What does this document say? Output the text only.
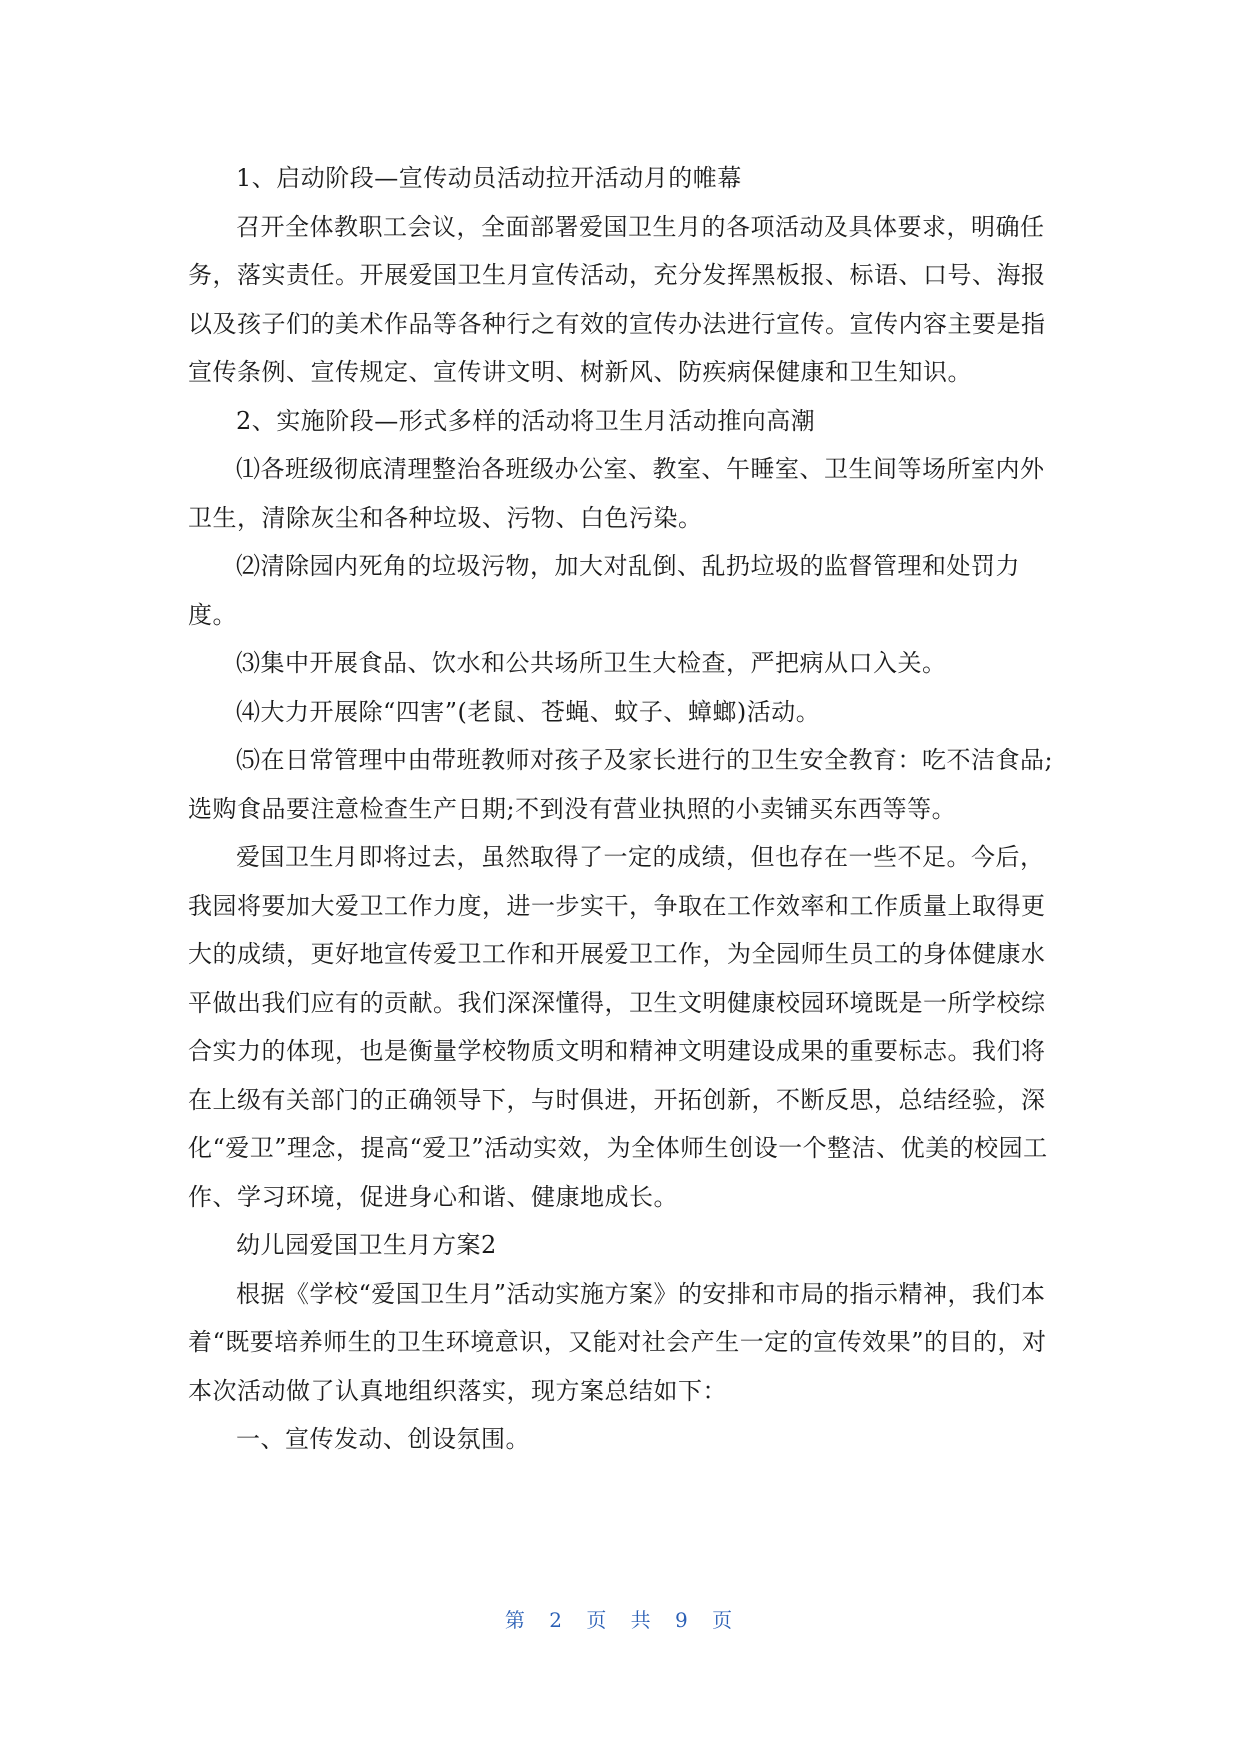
1、启动阶段—宣传动员活动拉开活动月的帷幕

召开全体教职工会议，全面部署爱国卫生月的各项活动及具体要求，明确任务，落实责任。开展爱国卫生月宣传活动，充分发挥黑板报、标语、口号、海报以及孩子们的美术作品等各种行之有效的宣传办法进行宣传。宣传内容主要是指宣传条例、宣传规定、宣传讲文明、树新风、防疾病保健康和卫生知识。

2、实施阶段—形式多样的活动将卫生月活动推向高潮

⑴各班级彻底清理整治各班级办公室、教室、午睡室、卫生间等场所室内外卫生，清除灰尘和各种垃圾、污物、白色污染。

⑵清除园内死角的垃圾污物，加大对乱倒、乱扔垃圾的监督管理和处罚力度。

⑶集中开展食品、饮水和公共场所卫生大检查，严把病从口入关。

⑷大力开展除“四害”(老鼠、苍蝇、蚊子、蟑螂)活动。

⑸在日常管理中由带班教师对孩子及家长进行的卫生安全教育：吃不洁食品;选购食品要注意检查生产日期;不到没有营业执照的小卖铺买东西等等。

爱国卫生月即将过去，虽然取得了一定的成绩，但也存在一些不足。今后，我园将要加大爱卫工作力度，进一步实干，争取在工作效率和工作质量上取得更大的成绩，更好地宣传爱卫工作和开展爱卫工作，为全园师生员工的身体健康水平做出我们应有的贡献。我们深深懂得，卫生文明健康校园环境既是一所学校综合实力的体现，也是衡量学校物质文明和精神文明建设成果的重要标志。我们将在上级有关部门的正确领导下，与时俱进，开拓创新，不断反思，总结经验，深化“爱卫”理念，提高“爱卫”活动实效，为全体师生创设一个整洁、优美的校园工作、学习环境，促进身心和谐、健康地成长。

幼儿园爱国卫生月方案2

根据《学校“爱国卫生月”活动实施方案》的安排和市局的指示精神，我们本着“既要培养师生的卫生环境意识，又能对社会产生一定的宣传效果”的目的，对本次活动做了认真地组织落实，现方案总结如下：

一、宣传发动、创设氛围。

第 2 页 共 9 页
